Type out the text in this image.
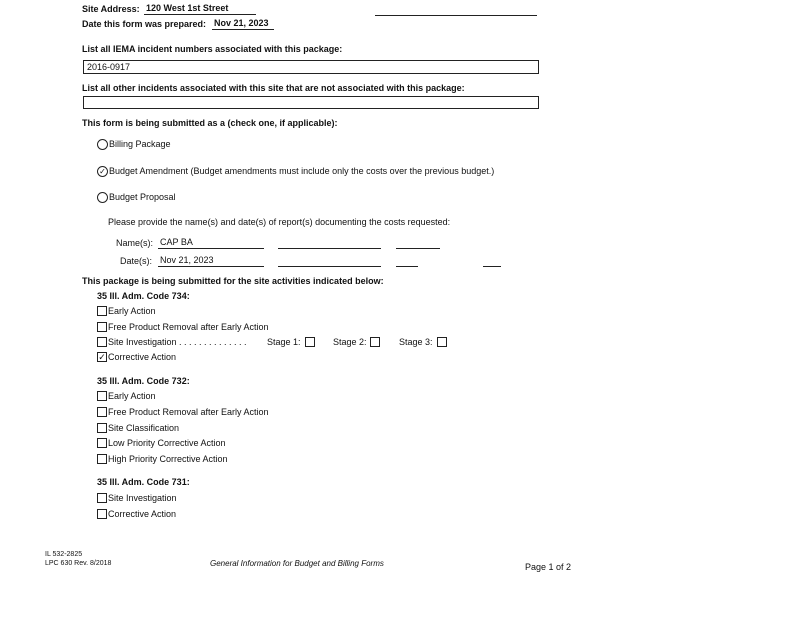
Site Address: 120 West 1st Street
Date this form was prepared: Nov 21, 2023
List all IEMA incident numbers associated with this package:
2016-0917
List all other incidents associated with this site that are not associated with this package:
This form is being submitted as a (check one, if applicable):
Billing Package
✓ Budget Amendment (Budget amendments must include only the costs over the previous budget.)
Budget Proposal
Please provide the name(s) and date(s) of report(s) documenting the costs requested:
Name(s): CAP BA
Date(s): Nov 21, 2023
This package is being submitted for the site activities indicated below:
35 Ill. Adm. Code 734:
Early Action
Free Product Removal after Early Action
Site Investigation . . . . . . . . . . . . . . Stage 1:	Stage 2:	Stage 3:
✓ Corrective Action
35 Ill. Adm. Code 732:
Early Action
Free Product Removal after Early Action
Site Classification
Low Priority Corrective Action
High Priority Corrective Action
35 Ill. Adm. Code 731:
Site Investigation
Corrective Action
IL 532-2825
LPC 630 Rev. 8/2018	General Information for Budget and Billing Forms	Page 1 of 2
